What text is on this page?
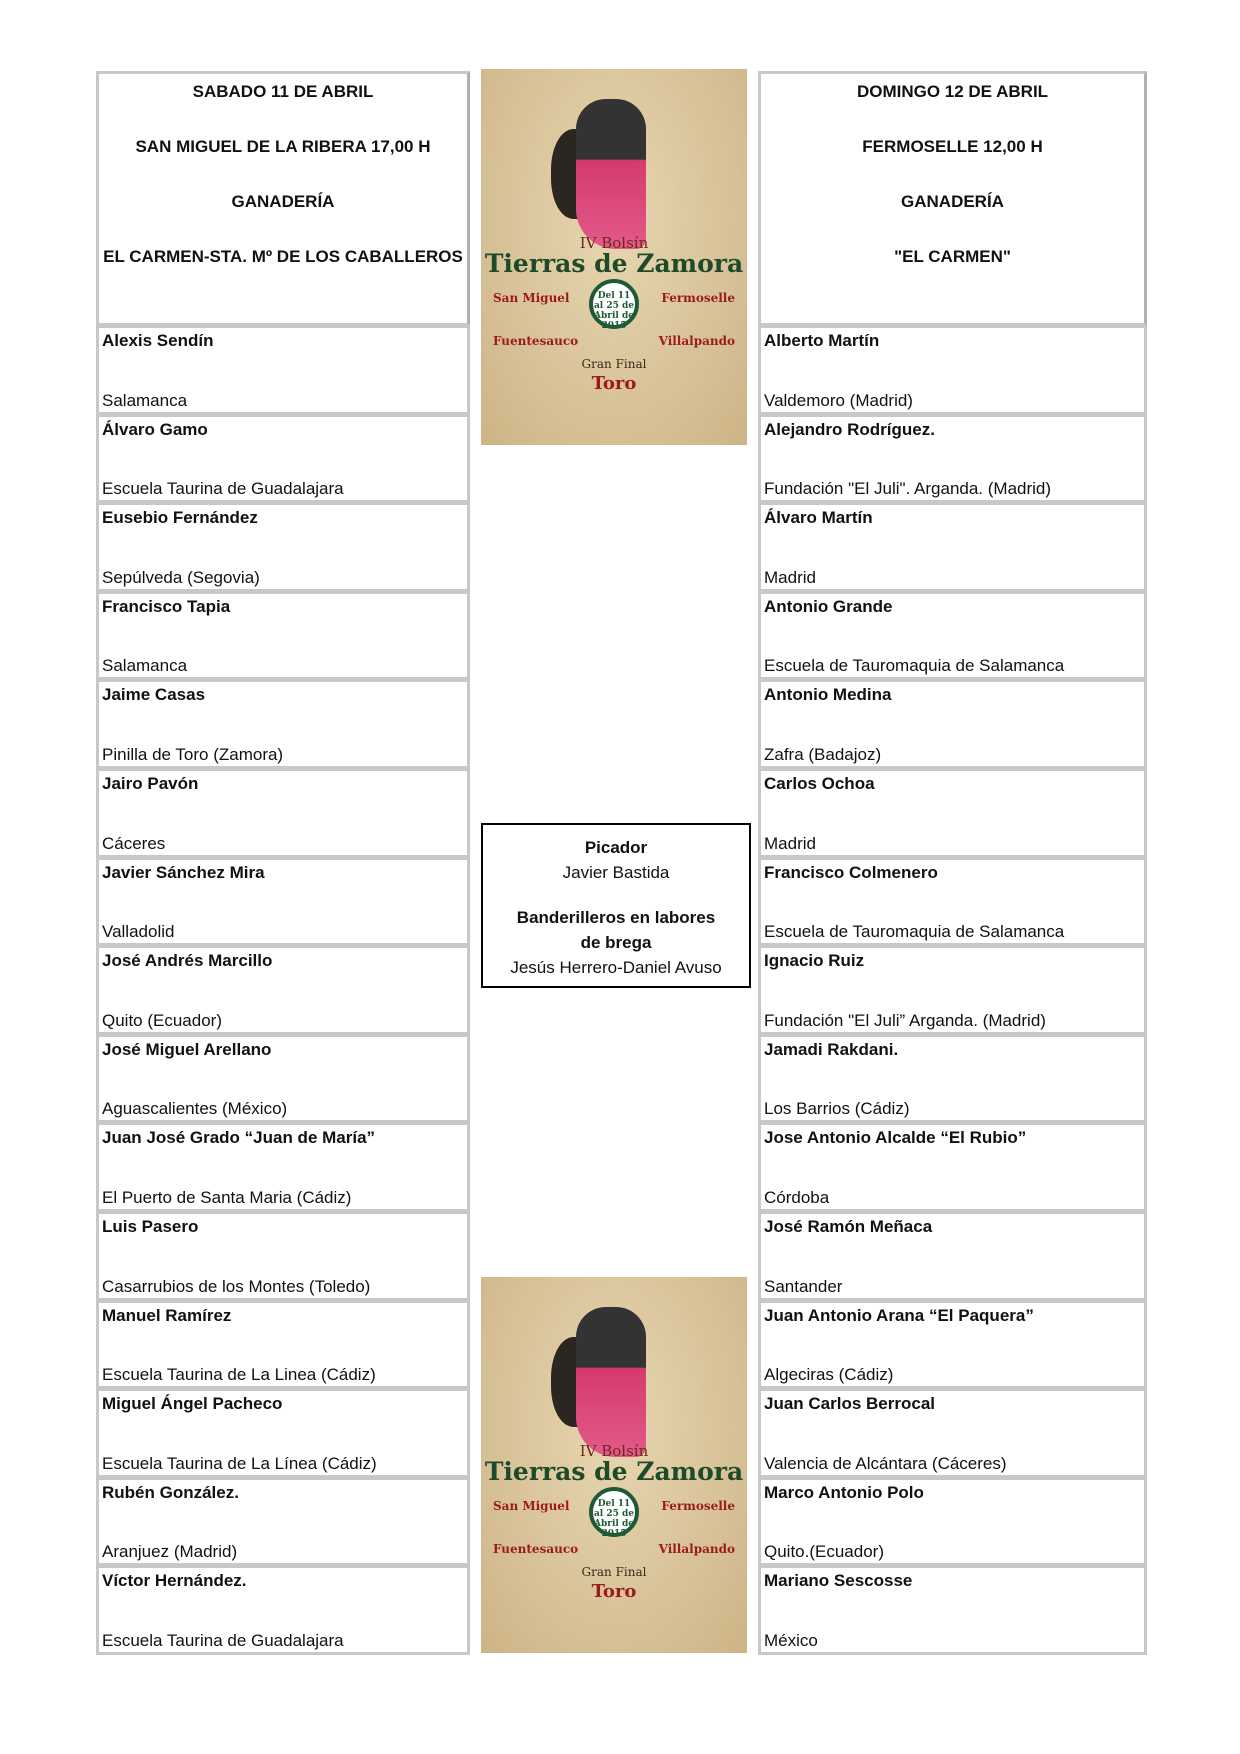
SABADO 11 DE ABRIL
SAN MIGUEL DE LA RIBERA 17,00 H
GANADERÍA
EL CARMEN-STA. Mº DE LOS CABALLEROS
Alexis Sendín
Salamanca
Álvaro Gamo
Escuela Taurina de Guadalajara
Eusebio Fernández
Sepúlveda (Segovia)
Francisco Tapia
Salamanca
Jaime Casas
Pinilla de Toro (Zamora)
Jairo Pavón
Cáceres
Javier Sánchez Mira
Valladolid
José Andrés Marcillo
Quito (Ecuador)
José Miguel Arellano
Aguascalientes (México)
Juan José Grado “Juan de María”
El Puerto de Santa Maria (Cádiz)
Luis Pasero
Casarrubios de los Montes (Toledo)
Manuel Ramírez
Escuela Taurina de La Linea (Cádiz)
Miguel Ángel Pacheco
Escuela Taurina de La Línea (Cádiz)
Rubén González.
Aranjuez (Madrid)
Víctor Hernández.
Escuela Taurina de Guadalajara
IV Bolsín
Tierras de Zamora
Del 11 al 25 de Abril de 2015
San Miguel	Fermoselle
Fuentesauco	Villalpando
Gran Final
Toro
Picador
Javier Bastida
Banderilleros en labores
de brega
Jesús Herrero-Daniel Avuso
IV Bolsín
Tierras de Zamora
Del 11 al 25 de Abril de 2015
San Miguel	Fermoselle
Fuentesauco	Villalpando
Gran Final
Toro
DOMINGO 12 DE ABRIL
FERMOSELLE 12,00 H
GANADERÍA
"EL CARMEN"
Alberto Martín
Valdemoro (Madrid)
Alejandro Rodríguez.
Fundación "El Juli". Arganda. (Madrid)
Álvaro Martín
Madrid
Antonio Grande
Escuela de Tauromaquia de Salamanca
Antonio Medina
Zafra (Badajoz)
Carlos Ochoa
Madrid
Francisco Colmenero
Escuela de Tauromaquia de Salamanca
Ignacio Ruiz
Fundación "El Juli” Arganda. (Madrid)
Jamadi Rakdani.
Los Barrios (Cádiz)
Jose Antonio Alcalde “El Rubio”
Córdoba
José Ramón Meñaca
Santander
Juan Antonio Arana “El Paquera”
Algeciras (Cádiz)
Juan Carlos Berrocal
Valencia de Alcántara (Cáceres)
Marco Antonio Polo
Quito.(Ecuador)
Mariano Sescosse
México
